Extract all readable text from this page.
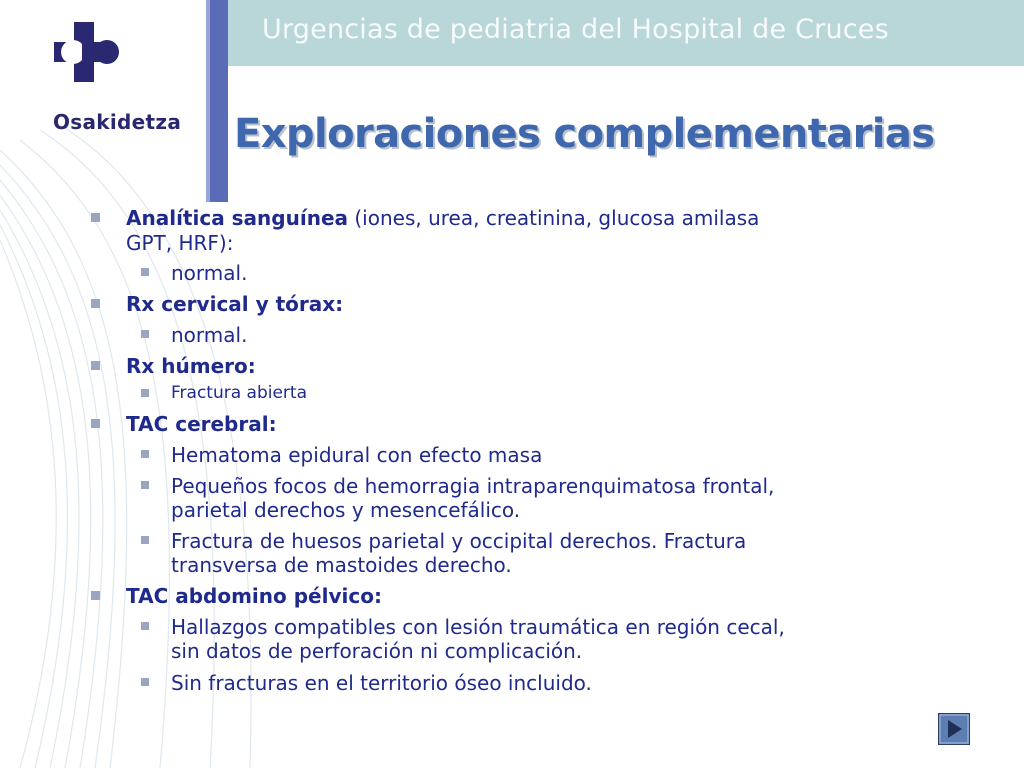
Osakidetza
Urgencias de pediatria del Hospital de Cruces
Exploraciones complementarias
Analítica sanguínea (iones, urea, creatinina, glucosa amilasa
GPT, HRF):
normal.
Rx cervical y tórax:
normal.
Rx húmero:
Fractura abierta
TAC cerebral:
Hematoma epidural con efecto masa
Pequeños focos de hemorragia intraparenquimatosa frontal,
parietal derechos y mesencefálico.
Fractura de huesos parietal y occipital derechos. Fractura
transversa de mastoides derecho.
TAC abdomino pélvico:
Hallazgos compatibles con lesión traumática en región cecal,
sin datos de perforación ni complicación.
Sin fracturas en el territorio óseo incluido.
